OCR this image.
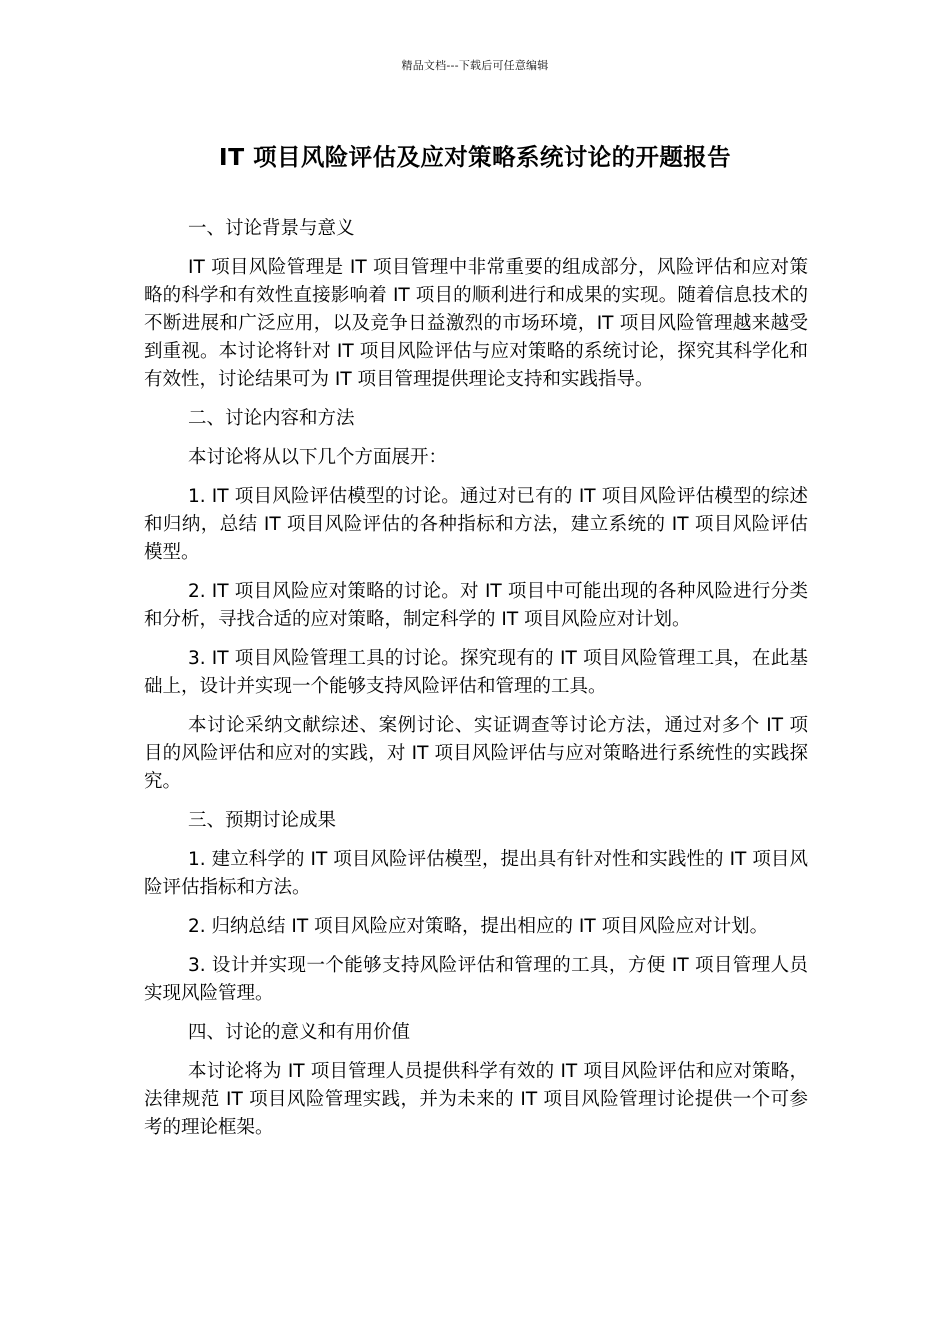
精品文档---下载后可任意编辑
IT 项目风险评估及应对策略系统讨论的开题报告

一、讨论背景与意义

IT 项目风险管理是 IT 项目管理中非常重要的组成部分，风险评估和应对策略的科学和有效性直接影响着 IT 项目的顺利进行和成果的实现。随着信息技术的不断进展和广泛应用，以及竞争日益激烈的市场环境，IT 项目风险管理越来越受到重视。本讨论将针对 IT 项目风险评估与应对策略的系统讨论，探究其科学化和有效性，讨论结果可为 IT 项目管理提供理论支持和实践指导。

二、讨论内容和方法

本讨论将从以下几个方面展开：

1. IT 项目风险评估模型的讨论。通过对已有的 IT 项目风险评估模型的综述和归纳，总结 IT 项目风险评估的各种指标和方法，建立系统的 IT 项目风险评估模型。

2. IT 项目风险应对策略的讨论。对 IT 项目中可能出现的各种风险进行分类和分析，寻找合适的应对策略，制定科学的 IT 项目风险应对计划。

3. IT 项目风险管理工具的讨论。探究现有的 IT 项目风险管理工具，在此基础上，设计并实现一个能够支持风险评估和管理的工具。

本讨论采纳文献综述、案例讨论、实证调查等讨论方法，通过对多个 IT 项目的风险评估和应对的实践，对 IT 项目风险评估与应对策略进行系统性的实践探究。

三、预期讨论成果

1. 建立科学的 IT 项目风险评估模型，提出具有针对性和实践性的 IT 项目风险评估指标和方法。

2. 归纳总结 IT 项目风险应对策略，提出相应的 IT 项目风险应对计划。

3. 设计并实现一个能够支持风险评估和管理的工具，方便 IT 项目管理人员实现风险管理。

四、讨论的意义和有用价值

本讨论将为 IT 项目管理人员提供科学有效的 IT 项目风险评估和应对策略，法律规范 IT 项目风险管理实践，并为未来的 IT 项目风险管理讨论提供一个可参考的理论框架。
